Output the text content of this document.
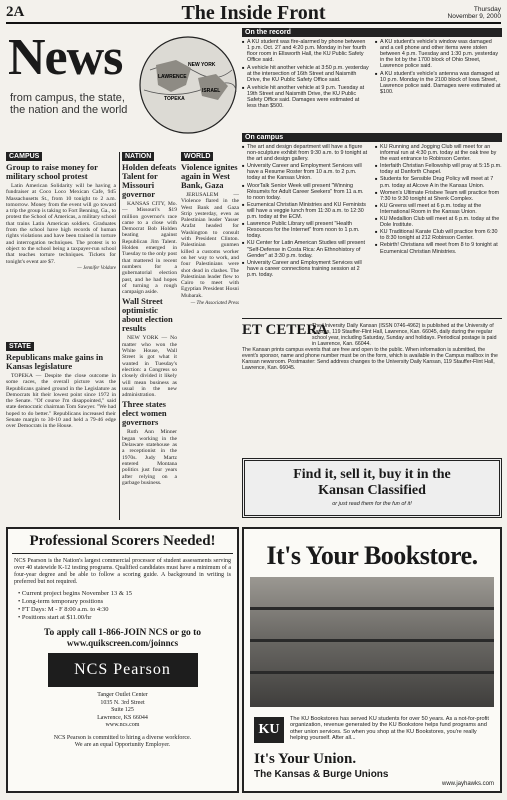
2A	The Inside Front	Thursday
November 9, 2000
News
from campus, the state, the nation and the world
LAWRENCE
NEW YORK
ISRAEL
TOPEKA
CAMPUS
Group to raise money for military school protest

Latin American Solidarity will be having a fundraiser at Coco Loco Mexican Cafe, 945 Massachusetts St., from 10 tonight to 2 a.m. tomorrow. Money from the event will go toward a trip the group is taking to Fort Benning, Ga., to protest the School of Americas, a military school that trains Latin American soldiers. Graduates from the school have high records of human rights violations and have been trained in torture and interrogation techniques. The protest is to object to the school being a taxpayer-run school that teaches torture techniques. Tickets for tonight's event are $7.

— Jennifer Voldare
STATE
Republicans make gains in Kansas legislature

TOPEKA — Despite the close outcome in some races, the overall picture was the Republicans gained ground in the Legislature as Democrats hit their lowest point since 1972 in the Senate. "Of course I'm disappointed," said state democratic chairman Tom Sawyer. "We had hoped to do better." Republicans increased their Senate margin to 30-10 and held a 79-46 edge over Democrats in the House.

NATION
Holden defeats Talent for Missouri governor

KANSAS CITY, Mo. — Missouri's $19 million governor's race came to a close with Democrat Bob Holden beating against Republican Jim Talent. Holden emerged in Tuesday to the only post that mattered in recent numbers for a gubernatorial election past, and he had hopes of turning a rough campaign aside.

Wall Street optimistic about election results

NEW YORK — No matter who won the White House, Wall Street is got what it wanted in Tuesday's election: a Congress so closely divided it likely will mean business as usual in the new administration.

Three states elect women governors

Ruth Ann Minner began working in the Delaware statehouse as a receptionist in the 1970s. Judy Martz entered Montana politics just four years after relying on a garbage business.

WORLD
Violence ignites again in West Bank, Gaza

JERUSALEM — Violence flared in the West Bank and Gaza Strip yesterday, even as Palestinian leader Yasser Arafat headed for Washington to consult with President Clinton. Palestinian gunmen killed a customs worker on her way to work, and four Palestinians were shot dead in clashes. The Palestinian leader flew to Cairo to meet with Egyptian President Hosni Mubarak.

— The Associated Press
On the record
■ A KU student was fire-alarmed by phone between 1 p.m. Oct. 27 and 4:20 p.m. Monday in her fourth floor room in Ellsworth Hall, the KU Public Safety Office said.
■ A vehicle hit another vehicle at 3:50 p.m. yesterday at the intersection of 16th Street and Naismith Drive, the KU Public Safety Office said.
■ A vehicle hit another vehicle at 9 p.m. Tuesday at 19th Street and Naismith Drive, the KU Public Safety Office said. Damages were estimated at less than $500.
■ A KU student's vehicle's window was damaged and a cell phone and other items were stolen between 4 p.m. Tuesday and 1:30 p.m. yesterday in the lot by the 1700 block of Ohio Street, Lawrence police said.
■ A KU student's vehicle's antenna was damaged at 10 p.m. Monday in the 2100 block of Iowa Street, Lawrence police said. Damages were estimated at $100.
On campus
■ The art and design department will have a figure non-sculpture exhibit from 9:30 a.m. to 9 tonight at the art and design gallery.
■ University Career and Employment Services will have a Resume Roster from 10 a.m. to 2 p.m. today at the Kansas Union.
■ WoorTalk Senior Week will present "Winning Résumés for Adult Career Seekers" from 11 a.m. to noon today.
■ Ecumenical Christian Ministries and KU Feminists will have a veggie lunch from 11:30 a.m. to 12:30 p.m. today at the ECM.
■ Lawrence Public Library will present "Health Resources for the Internet" from noon to 1 p.m. today.
■ KU Center for Latin American Studies will present "Self-Defense in Costa Rica: An Ethnohistory of Gender" at 3:30 p.m. today.
■ University Career and Employment Services will have a career connections training session at 2 p.m. today.
■ KU Running and Jogging Club will meet for an informal run at 4:30 p.m. today at the oak tree by the east entrance to Robinson Center.
■ Interfaith Christian Fellowship will pray at 5:15 p.m. today at Danforth Chapel.
■ Students for Sensible Drug Policy will meet at 7 p.m. today at Alcove A in the Kansas Union.
■ Women's Ultimate Frisbee Team will practice from 7:30 to 9:30 tonight at Shenk Complex.
■ KU Greens will meet at 6 p.m. today at the International Room in the Kansas Union.
■ KU Medallion Club will meet at 6 p.m. today at the Dole Institute.
■ KU Traditional Karate Club will practice from 6:30 to 8:30 tonight at 212 Robinson Center.
■ Rebirth! Christians will meet from 8 to 9 tonight at Ecumenical Christian Ministries.
ET CETERA
The University Daily Kansan (ISSN 0746-4962) is published at the University of Kansas, 119 Stauffer-Flint Hall, Lawrence, Kan. 66045, daily during the regular school year, including Saturday, Sunday and holidays. Periodical postage is paid in Lawrence, Kan. 66044.
The Kansan prints campus events that are free and open to the public. When information is submitted, the event's sponsor, name and phone number must be on the form, which is available in the Campus mailbox in the Kansan newsroom. Postmaster: Send address changes to the University Daily Kansan, 119 Stauffer-Flint Hall, Lawrence, Kan. 66045.
Find it, sell it, buy it in the
Kansan Classified
or just read them for the fun of it!
Professional Scorers Needed!
NCS Pearson is the Nation's largest commercial processor of student assessments serving over 40 statewide K-12 testing programs. Qualified candidates must have a minimum of a four-year degree and be able to follow a scoring guide. A background in writing is preferred but not required.
• Current project begins November 13 & 15
• Long-term temporary positions
• FT Days: M - F 8:00 a.m. to 4:30
• Positions start at $11.00/hr
To apply call 1-866-JOIN NCS or go to
www.quikscreen.com/joinncs
NCS Pearson
Tanger Outlet Center
1035 N. 3rd Street
Suite 125
Lawrence, KS 66044
www.ncs.com
NCS Pearson is committed to hiring a diverse workforce.
We are an equal Opportunity Employer.
It's Your Bookstore.
KU
The KU Bookstores has served KU students for over 50 years. As a not-for-profit organization, revenue generated by the KU Bookstore helps fund programs and other union services. So when you shop at the KU Bookstores, you're really helping yourself. After all...
It's Your Union.
The Kansas & Burge Unions
www.jayhawks.com
